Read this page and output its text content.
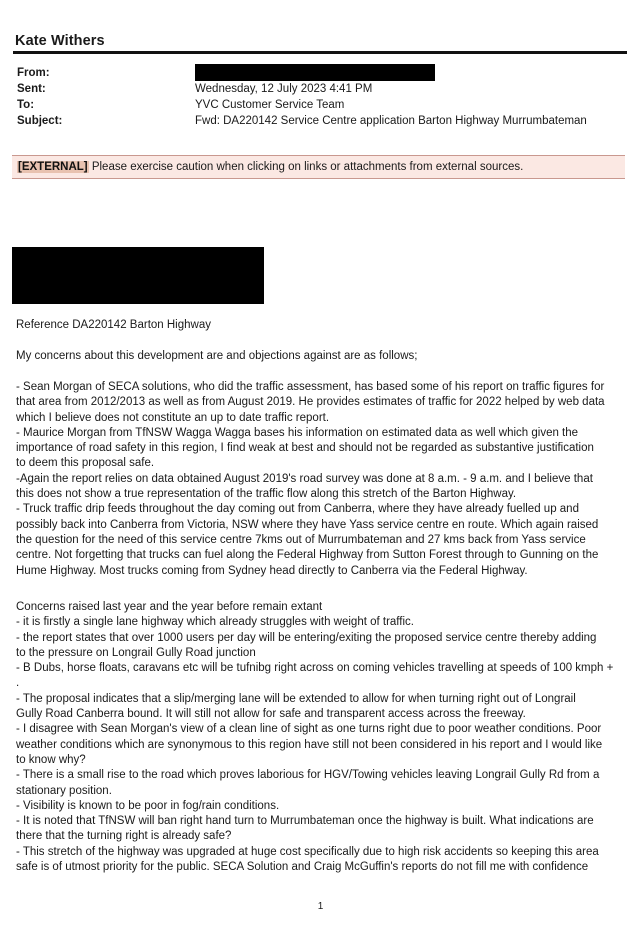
Kate Withers
From:
Sent:	Wednesday, 12 July 2023 4:41 PM
To:	YVC Customer Service Team
Subject:	Fwd: DA220142 Service Centre application Barton Highway Murrumbateman
[EXTERNAL] Please exercise caution when clicking on links or attachments from external sources.
Reference DA220142 Barton Highway
My concerns about this development are and objections against are as follows;
- Sean Morgan of SECA solutions, who did the traffic assessment, has based some of his report on traffic figures for
that area from 2012/2013 as well as from August 2019. He provides estimates of traffic for 2022 helped by web data
which I believe does not constitute an up to date traffic report.
- Maurice Morgan from TfNSW Wagga Wagga bases his information on estimated data as well which given the
importance of road safety in this region, I find weak at best and should not be regarded as substantive justification
to deem this proposal safe.
-Again the report relies on data obtained August 2019's road survey was done at 8 a.m. - 9 a.m. and I believe that
this does not show a true representation of the traffic flow along this stretch of the Barton Highway.
- Truck traffic drip feeds throughout the day coming out from Canberra, where they have already fuelled up and
possibly back into Canberra from Victoria, NSW where they have Yass service centre en route. Which again raised
the question for the need of this service centre 7kms out of Murrumbateman and 27 kms back from Yass service
centre. Not forgetting that trucks can fuel along the Federal Highway from Sutton Forest through to Gunning on the
Hume Highway. Most trucks coming from Sydney head directly to Canberra via the Federal Highway.
Concerns raised last year and the year before remain extant
- it is firstly a single lane highway which already struggles with weight of traffic.
- the report states that over 1000 users per day will be entering/exiting the proposed service centre thereby adding
to the pressure on Longrail Gully Road junction
- B Dubs, horse floats, caravans etc will be tufnibg right across on coming vehicles travelling at speeds of 100 kmph +
.
- The proposal indicates that a slip/merging lane will be extended to allow for when turning right out of Longrail
Gully Road Canberra bound. It will still not allow for safe and transparent access across the freeway.
- I disagree with Sean Morgan's view of a clean line of sight as one turns right due to poor weather conditions. Poor
weather conditions which are synonymous to this region have still not been considered in his report and I would like
to know why?
- There is a small rise to the road which proves laborious for HGV/Towing vehicles leaving Longrail Gully Rd from a
stationary position.
- Visibility is known to be poor in fog/rain conditions.
- It is noted that TfNSW will ban right hand turn to Murrumbateman once the highway is built. What indications are
there that the turning right is already safe?
- This stretch of the highway was upgraded at huge cost specifically due to high risk accidents so keeping this area
safe is of utmost priority for the public. SECA Solution and Craig McGuffin's reports do not fill me with confidence
1
